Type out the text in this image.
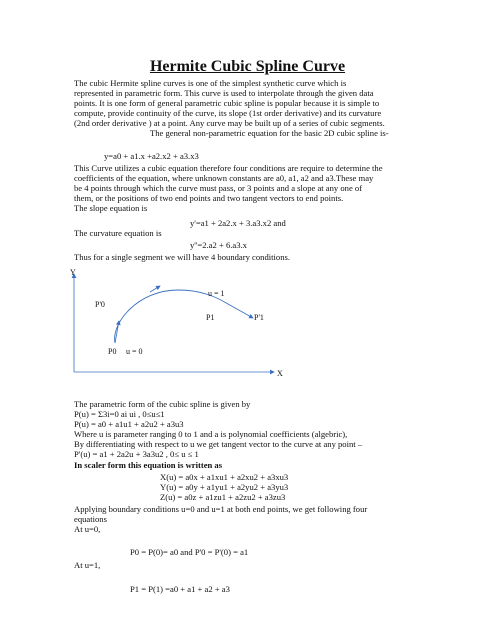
Hermite Cubic Spline Curve

The cubic Hermite spline curves is one of the simplest synthetic curve which is

represented in parametric form. This curve is used to interpolate through the given data

points. It is one form of general parametric cubic spline is popular because it is simple to

compute, provide continuity of the curve, its slope (1st order derivative) and its curvature

(2nd order derivative ) at a point. Any curve may be built up of a series of cubic segments.

The general non-parametric equation for the basic 2D cubic spline is-

y=a0 + a1.x +a2.x2 + a3.x3

This Curve utilizes a cubic equation therefore four conditions are require to determine the

coefficients of the equation, where unknown constants are a0, a1, a2 and a3.These may

be 4 points through which the curve must pass, or 3 points and a slope at any one of

them, or the positions of two end points and two tangent vectors to end points.

The slope equation is

y'=a1 + 2a2.x + 3.a3.x2 and

The curvature equation is

y''=2.a2 + 6.a3.x

Thus for a single segment we will have 4 boundary conditions.

Y
X
P'0
u = 1
P1	P'1
P0 u = 0

The parametric form of the cubic spline is given by

P(u) = Σ3i=0 ai ui , 0≤u≤1

P(u) = a0 + a1u1 + a2u2 + a3u3

Where u is parameter ranging 0 to 1 and a is polynomial coefficients (algebric),

By differentiating with respect to u we get tangent vector to the curve at any point –

P'(u) = a1 + 2a2u + 3a3u2 , 0≤ u ≤ 1

In scaler form this equation is written as

X(u) = a0x + a1xu1 + a2xu2 + a3xu3

Y(u) = a0y + a1yu1 + a2yu2 + a3yu3

Z(u) = a0z + a1zu1 + a2zu2 + a3zu3

Applying boundary conditions u=0 and u=1 at both end points, we get following four

equations

At u=0,

P0 = P(0)= a0 and P'0 = P'(0) = a1

At u=1,

P1 = P(1) =a0 + a1 + a2 + a3
